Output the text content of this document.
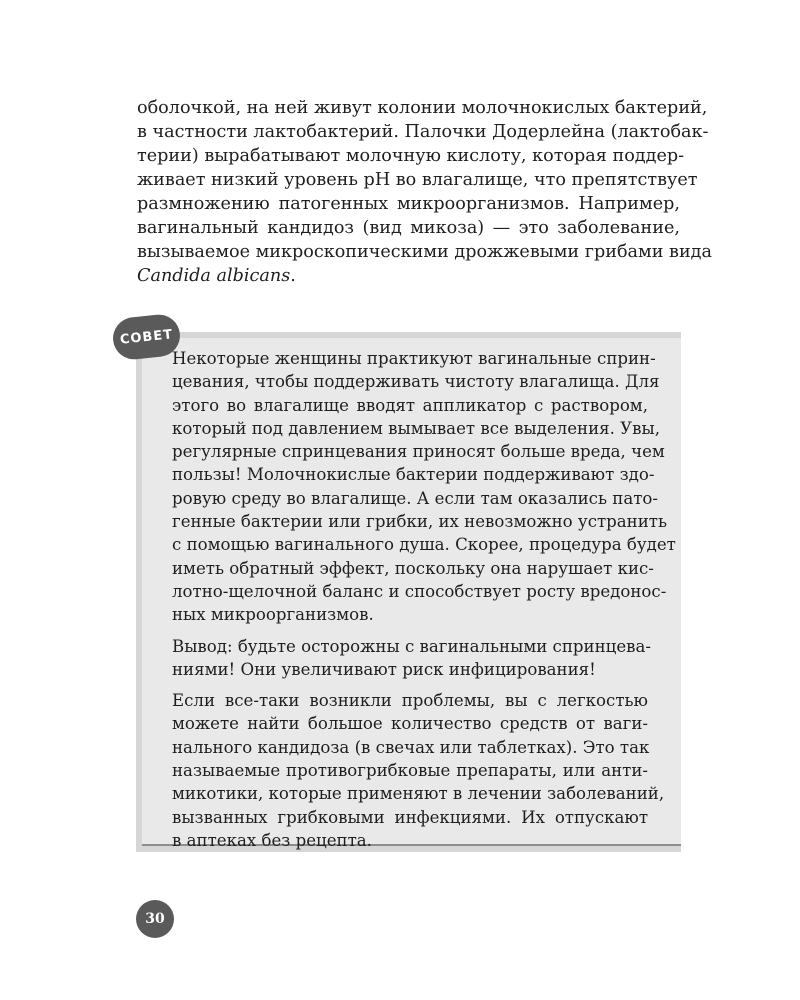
оболочкой, на ней живут колонии молочнокислых бактерий,
в частности лактобактерий. Палочки Додерлейна (лактобак-
терии) вырабатывают молочную кислоту, которая поддер-
живает низкий уровень pH во влагалище, что препятствует
размножению патогенных микроорганизмов. Например,
вагинальный кандидоз (вид микоза) — это заболевание,
вызываемое микроскопическими дрожжевыми грибами вида
Candida albicans.
СОВЕТ
Некоторые женщины практикуют вагинальные сприн-
цевания, чтобы поддерживать чистоту влагалища. Для
этого во влагалище вводят аппликатор с раствором,
который под давлением вымывает все выделения. Увы,
регулярные спринцевания приносят больше вреда, чем
пользы! Молочнокислые бактерии поддерживают здо-
ровую среду во влагалище. А если там оказались пато-
генные бактерии или грибки, их невозможно устранить
с помощью вагинального душа. Скорее, процедура будет
иметь обратный эффект, поскольку она нарушает кис-
лотно-щелочной баланс и способствует росту вредонос-
ных микроорганизмов.
Вывод: будьте осторожны с вагинальными спринцева-
ниями! Они увеличивают риск инфицирования!
Если все-таки возникли проблемы, вы с легкостью
можете найти большое количество средств от ваги-
нального кандидоза (в свечах или таблетках). Это так
называемые противогрибковые препараты, или анти-
микотики, которые применяют в лечении заболеваний,
вызванных грибковыми инфекциями. Их отпускают
в аптеках без рецепта.
30
